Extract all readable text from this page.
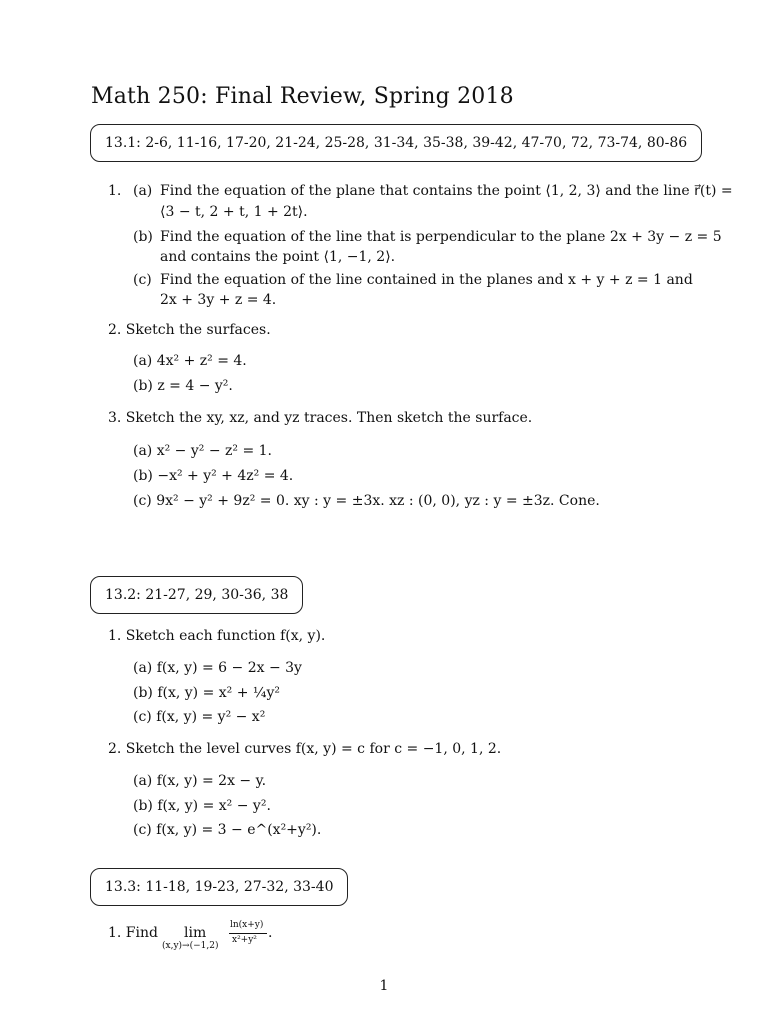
Math 250: Final Review, Spring 2018
13.1: 2-6, 11-16, 17-20, 21-24, 25-28, 31-34, 35-38, 39-42, 47-70, 72, 73-74, 80-86
1. (a) Find the equation of the plane that contains the point ⟨1, 2, 3⟩ and the line r⃗(t) =
⟨3 − t, 2 + t, 1 + 2t⟩.
(b) Find the equation of the line that is perpendicular to the plane 2x + 3y − z = 5
and contains the point ⟨1, −1, 2⟩.
(c) Find the equation of the line contained in the planes and x + y + z = 1 and
2x + 3y + z = 4.
2. Sketch the surfaces.
(a) 4x² + z² = 4.
(b) z = 4 − y².
3. Sketch the xy, xz, and yz traces. Then sketch the surface.
(a) x² − y² − z² = 1.
(b) −x² + y² + 4z² = 4.
(c) 9x² − y² + 9z² = 0. xy : y = ±3x. xz : (0, 0), yz : y = ±3z. Cone.
13.2: 21-27, 29, 30-36, 38
1. Sketch each function f(x, y).
(a) f(x, y) = 6 − 2x − 3y
(b) f(x, y) = x² + ¼y²
(c) f(x, y) = y² − x²
2. Sketch the level curves f(x, y) = c for c = −1, 0, 1, 2.
(a) f(x, y) = 2x − y.
(b) f(x, y) = x² − y².
(c) f(x, y) = 3 − e^(x²+y²).
13.3: 11-18, 19-23, 27-32, 33-40
1. Find lim
(x,y)→(−1,2)
ln(x+y)
x²+y² .
1
